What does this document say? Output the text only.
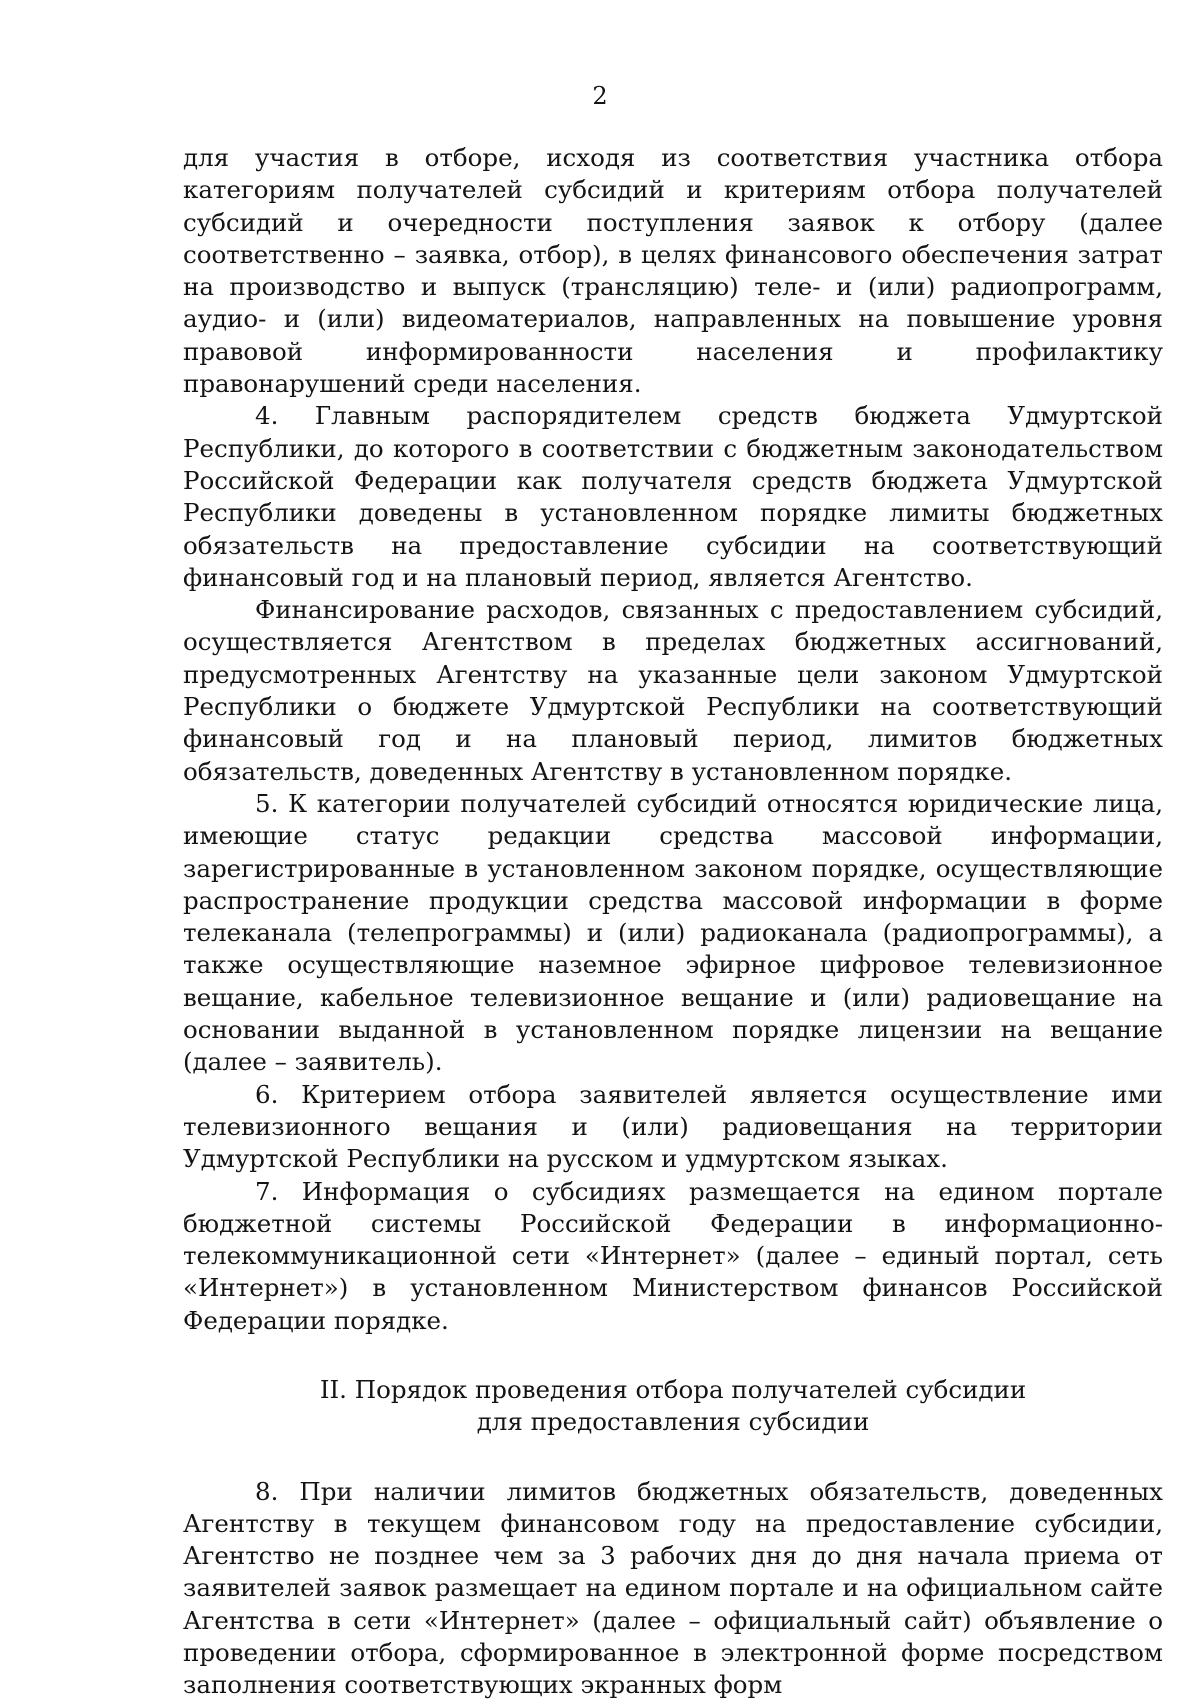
2

для участия в отборе, исходя из соответствия участника отбора категориям получателей субсидий и критериям отбора получателей субсидий и очередности поступления заявок к отбору (далее соответственно – заявка, отбор), в целях финансового обеспечения затрат на производство и выпуск (трансляцию) теле- и (или) радиопрограмм, аудио- и (или) видеоматериалов, направленных на повышение уровня правовой информированности населения и профилактику правонарушений среди населения.

4. Главным распорядителем средств бюджета Удмуртской Республики, до которого в соответствии с бюджетным законодательством Российской Федерации как получателя средств бюджета Удмуртской Республики доведены в установленном порядке лимиты бюджетных обязательств на предоставление субсидии на соответствующий финансовый год и на плановый период, является Агентство.

Финансирование расходов, связанных с предоставлением субсидий, осуществляется Агентством в пределах бюджетных ассигнований, предусмотренных Агентству на указанные цели законом Удмуртской Республики о бюджете Удмуртской Республики на соответствующий финансовый год и на плановый период, лимитов бюджетных обязательств, доведенных Агентству в установленном порядке.

5. К категории получателей субсидий относятся юридические лица, имеющие статус редакции средства массовой информации, зарегистрированные в установленном законом порядке, осуществляющие распространение продукции средства массовой информации в форме телеканала (телепрограммы) и (или) радиоканала (радиопрограммы), а также осуществляющие наземное эфирное цифровое телевизионное вещание, кабельное телевизионное вещание и (или) радиовещание на основании выданной в установленном порядке лицензии на вещание (далее – заявитель).

6. Критерием отбора заявителей является осуществление ими телевизионного вещания и (или) радиовещания на территории Удмуртской Республики на русском и удмуртском языках.

7. Информация о субсидиях размещается на едином портале бюджетной системы Российской Федерации в информационно-телекоммуникационной сети «Интернет» (далее – единый портал, сеть «Интернет») в установленном Министерством финансов Российской Федерации порядке.

II. Порядок проведения отбора получателей субсидии
для предоставления субсидии

8. При наличии лимитов бюджетных обязательств, доведенных Агентству в текущем финансовом году на предоставление субсидии, Агентство не позднее чем за 3 рабочих дня до дня начала приема от заявителей заявок размещает на едином портале и на официальном сайте Агентства в сети «Интернет» (далее – официальный сайт) объявление о проведении отбора, сформированное в электронной форме посредством заполнения соответствующих экранных форм
